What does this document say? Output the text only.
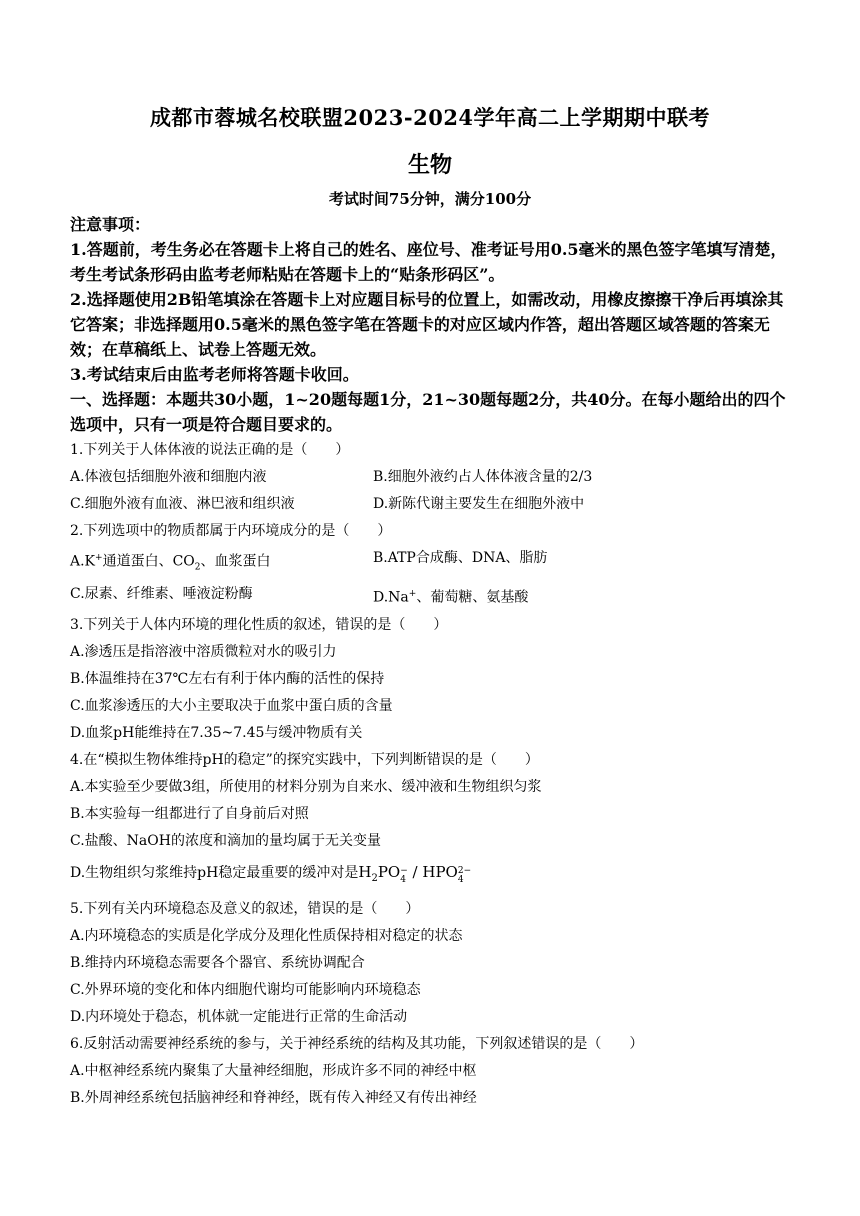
成都市蓉城名校联盟2023-2024学年高二上学期期中联考
生物
考试时间75分钟，满分100分
注意事项：
1.答题前，考生务必在答题卡上将自己的姓名、座位号、准考证号用0.5毫米的黑色签字笔填写清楚，考生考试条形码由监考老师粘贴在答题卡上的“贴条形码区”。
2.选择题使用2B铅笔填涂在答题卡上对应题目标号的位置上，如需改动，用橡皮擦擦干净后再填涂其它答案；非选择题用0.5毫米的黑色签字笔在答题卡的对应区域内作答，超出答题区域答题的答案无效；在草稿纸上、试卷上答题无效。
3.考试结束后由监考老师将答题卡收回。
一、选择题：本题共30小题，1~20题每题1分，21~30题每题2分，共40分。在每小题给出的四个选项中，只有一项是符合题目要求的。
1.下列关于人体体液的说法正确的是（　　）
A.体液包括细胞外液和细胞内液	B.细胞外液约占人体体液含量的2/3
C.细胞外液有血液、淋巴液和组织液	D.新陈代谢主要发生在细胞外液中
2.下列选项中的物质都属于内环境成分的是（　　）
A.K+通道蛋白、$CO_2$、血浆蛋白	B.ATP合成酶、DNA、脂肪
C.尿素、纤维素、唾液淀粉酶	D.Na+、葡萄糖、氨基酸
3.下列关于人体内环境的理化性质的叙述，错误的是（　　）
A.渗透压是指溶液中溶质微粒对水的吸引力
B.体温维持在37℃左右有利于体内酶的活性的保持
C.血浆渗透压的大小主要取决于血浆中蛋白质的含量
D.血浆pH能维持在7.35~7.45与缓冲物质有关
4.在“模拟生物体维持pH的稳定”的探究实践中，下列判断错误的是（　　）
A.本实验至少要做3组，所使用的材料分别为自来水、缓冲液和生物组织匀浆
B.本实验每一组都进行了自身前后对照
C.盐酸、NaOH的浓度和滴加的量均属于无关变量
D.生物组织匀浆维持pH稳定最重要的缓冲对是$H_2PO$ −
4 / HPO 2−
4
5.下列有关内环境稳态及意义的叙述，错误的是（　　）
A.内环境稳态的实质是化学成分及理化性质保持相对稳定的状态
B.维持内环境稳态需要各个器官、系统协调配合
C.外界环境的变化和体内细胞代谢均可能影响内环境稳态
D.内环境处于稳态，机体就一定能进行正常的生命活动
6.反射活动需要神经系统的参与，关于神经系统的结构及其功能，下列叙述错误的是（　　）
A.中枢神经系统内聚集了大量神经细胞，形成许多不同的神经中枢
B.外周神经系统包括脑神经和脊神经，既有传入神经又有传出神经
